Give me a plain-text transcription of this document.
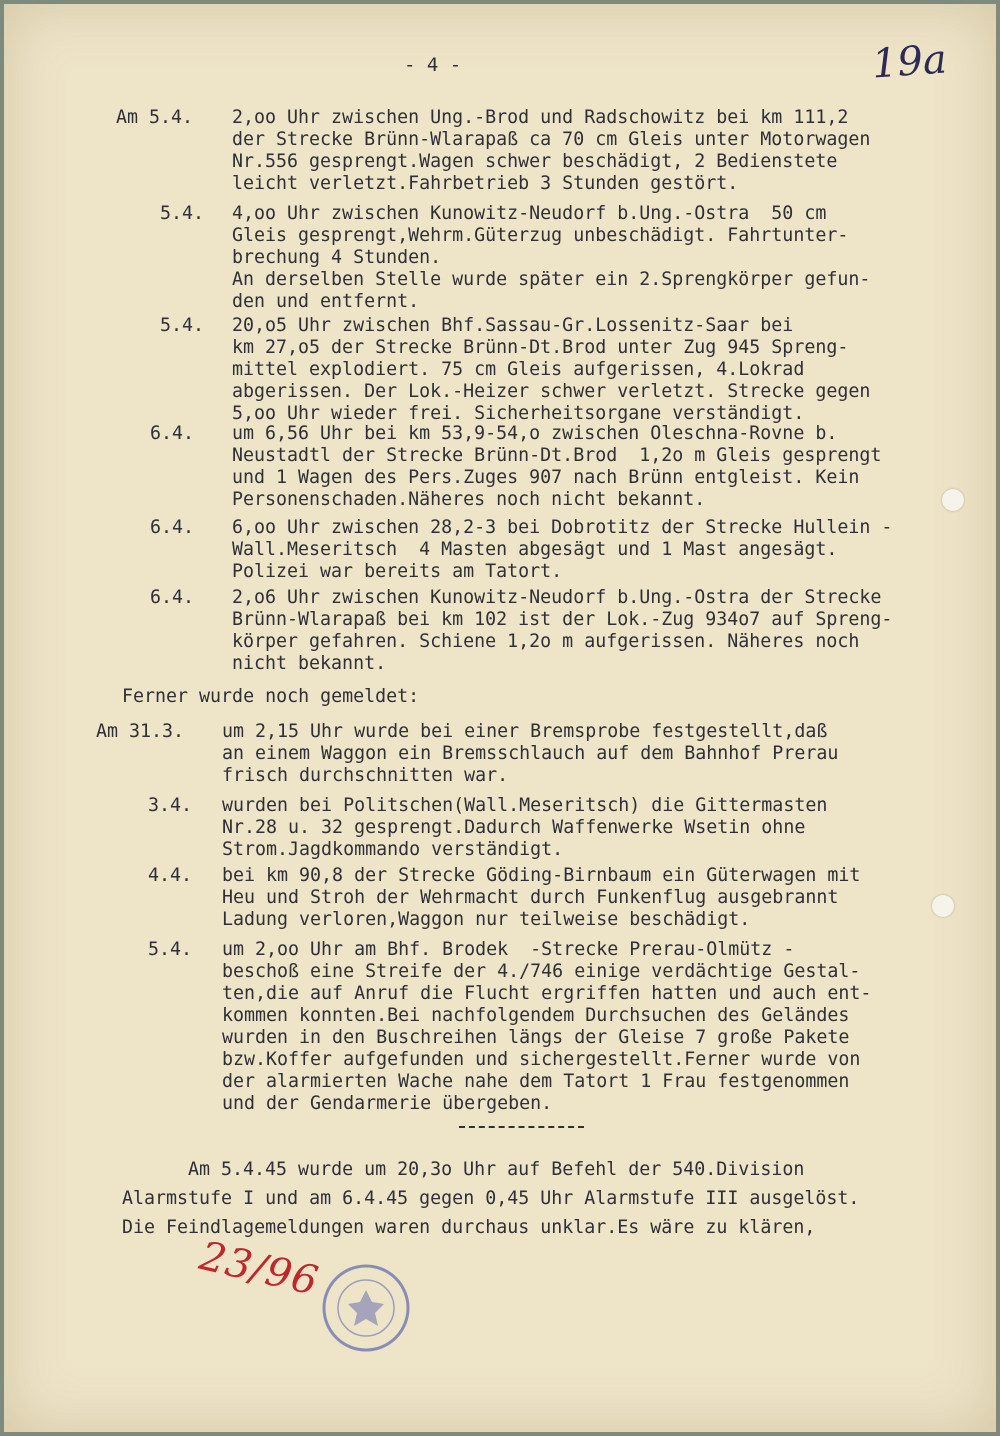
- 4 -	19a
Am 5.4. 2,oo Uhr zwischen Ung.-Brod und Radschowitz bei km 111,2
der Strecke Brünn-Wlarapaß ca 70 cm Gleis unter Motorwagen
Nr.556 gesprengt.Wagen schwer beschädigt, 2 Bedienstete
leicht verletzt.Fahrbetrieb 3 Stunden gestört.
5.4. 4,oo Uhr zwischen Kunowitz-Neudorf b.Ung.-Ostra  50 cm
Gleis gesprengt,Wehrm.Güterzug unbeschädigt. Fahrtunter-
brechung 4 Stunden.
An derselben Stelle wurde später ein 2.Sprengkörper gefun-
den und entfernt.
5.4. 20,o5 Uhr zwischen Bhf.Sassau-Gr.Lossenitz-Saar bei
km 27,o5 der Strecke Brünn-Dt.Brod unter Zug 945 Spreng-
mittel explodiert. 75 cm Gleis aufgerissen, 4.Lokrad
abgerissen. Der Lok.-Heizer schwer verletzt. Strecke gegen
5,oo Uhr wieder frei. Sicherheitsorgane verständigt.
6.4. um 6,56 Uhr bei km 53,9-54,o zwischen Oleschna-Rovne b.
Neustadtl der Strecke Brünn-Dt.Brod  1,2o m Gleis gesprengt
und 1 Wagen des Pers.Zuges 907 nach Brünn entgleist. Kein
Personenschaden.Näheres noch nicht bekannt.
6.4. 6,oo Uhr zwischen 28,2-3 bei Dobrotitz der Strecke Hullein -
Wall.Meseritsch  4 Masten abgesägt und 1 Mast angesägt.
Polizei war bereits am Tatort.
6.4. 2,o6 Uhr zwischen Kunowitz-Neudorf b.Ung.-Ostra der Strecke
Brünn-Wlarapaß bei km 102 ist der Lok.-Zug 934o7 auf Spreng-
körper gefahren. Schiene 1,2o m aufgerissen. Näheres noch
nicht bekannt.
Ferner wurde noch gemeldet:
Am 31.3. um 2,15 Uhr wurde bei einer Bremsprobe festgestellt,daß
an einem Waggon ein Bremsschlauch auf dem Bahnhof Prerau
frisch durchschnitten war.
3.4. wurden bei Politschen(Wall.Meseritsch) die Gittermasten
Nr.28 u. 32 gesprengt.Dadurch Waffenwerke Wsetin ohne
Strom.Jagdkommando verständigt.
4.4. bei km 90,8 der Strecke Göding-Birnbaum ein Güterwagen mit
Heu und Stroh der Wehrmacht durch Funkenflug ausgebrannt
Ladung verloren,Waggon nur teilweise beschädigt.
5.4. um 2,oo Uhr am Bhf. Brodek  -Strecke Prerau-Olmütz -
beschoß eine Streife der 4./746 einige verdächtige Gestal-
ten,die auf Anruf die Flucht ergriffen hatten und auch ent-
kommen konnten.Bei nachfolgendem Durchsuchen des Geländes
wurden in den Buschreihen längs der Gleise 7 große Pakete
bzw.Koffer aufgefunden und sichergestellt.Ferner wurde von
der alarmierten Wache nahe dem Tatort 1 Frau festgenommen
und der Gendarmerie übergeben.
Am 5.4.45 wurde um 20,3o Uhr auf Befehl der 540.Division
Alarmstufe I und am 6.4.45 gegen 0,45 Uhr Alarmstufe III ausgelöst.
Die Feindlagemeldungen waren durchaus unklar.Es wäre zu klären,
23/96
